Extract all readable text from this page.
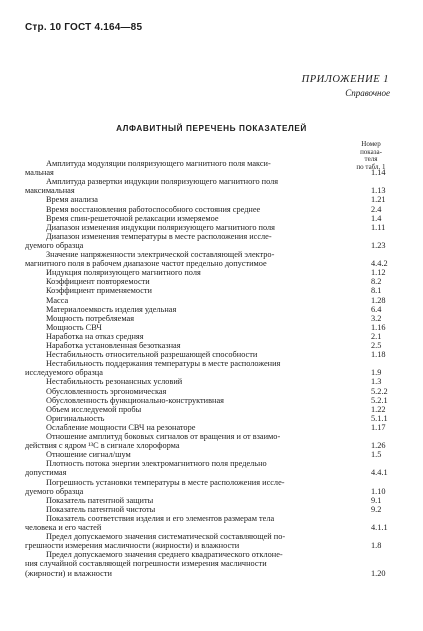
Стр. 10 ГОСТ 4.164—85
ПРИЛОЖЕНИЕ 1
Справочное
АЛФАВИТНЫЙ ПЕРЕЧЕНЬ ПОКАЗАТЕЛЕЙ
Номер
показа-
теля
по табл. 1
Амплитуда модуляции поляризующего магнитного поля макси-
мальная	1.14
Амплитуда развертки индукции поляризующего магнитного поля
максимальная	1.13
Время анализа	1.21
Время восстановления работоспособного состояния среднее	2.4
Время спин-решеточной релаксации измеряемое	1.4
Диапазон изменения индукции поляризующего магнитного поля	1.11
Диапазон изменения температуры в месте расположения иссле-
дуемого образца	1.23
Значение напряженности электрической составляющей электро-
магнитного поля в рабочем диапазоне частот предельно допустимое	4.4.2
Индукция поляризующего магнитного поля	1.12
Коэффициент повторяемости	8.2
Коэффициент применяемости	8.1
Масса	1.28
Материалоемкость изделия удельная	6.4
Мощность потребляемая	3.2
Мощность СВЧ	1.16
Наработка на отказ средняя	2.1
Наработка установленная безотказная	2.5
Нестабильность относительной разрешающей способности	1.18
Нестабильность поддержания температуры в месте расположения
исследуемого образца	1.9
Нестабильность резонансных условий	1.3
Обусловленность эргономическая	5.2.2
Обусловленность функционально-конструктивная	5.2.1
Объем исследуемой пробы	1.22
Оригинальность	5.1.1
Ослабление мощности СВЧ на резонаторе	1.17
Отношение амплитуд боковых сигналов от вращения и от взаимо-
действия с ядром ¹³С в сигнале хлороформа	1.26
Отношение сигнал/шум	1.5
Плотность потока энергии электромагнитного поля предельно
допустимая	4.4.1
Погрешность установки температуры в месте расположения иссле-
дуемого образца	1.10
Показатель патентной защиты	9.1
Показатель патентной чистоты	9.2
Показатель соответствия изделия и его элементов размерам тела
человека и его частей	4.1.1
Предел допускаемого значения систематической составляющей по-
грешности измерения масличности (жирности) и влажности	1.8
Предел допускаемого значения среднего квадратического отклоне-
ния случайной составляющей погрешности измерения масличности
(жирности) и влажности	1.20
